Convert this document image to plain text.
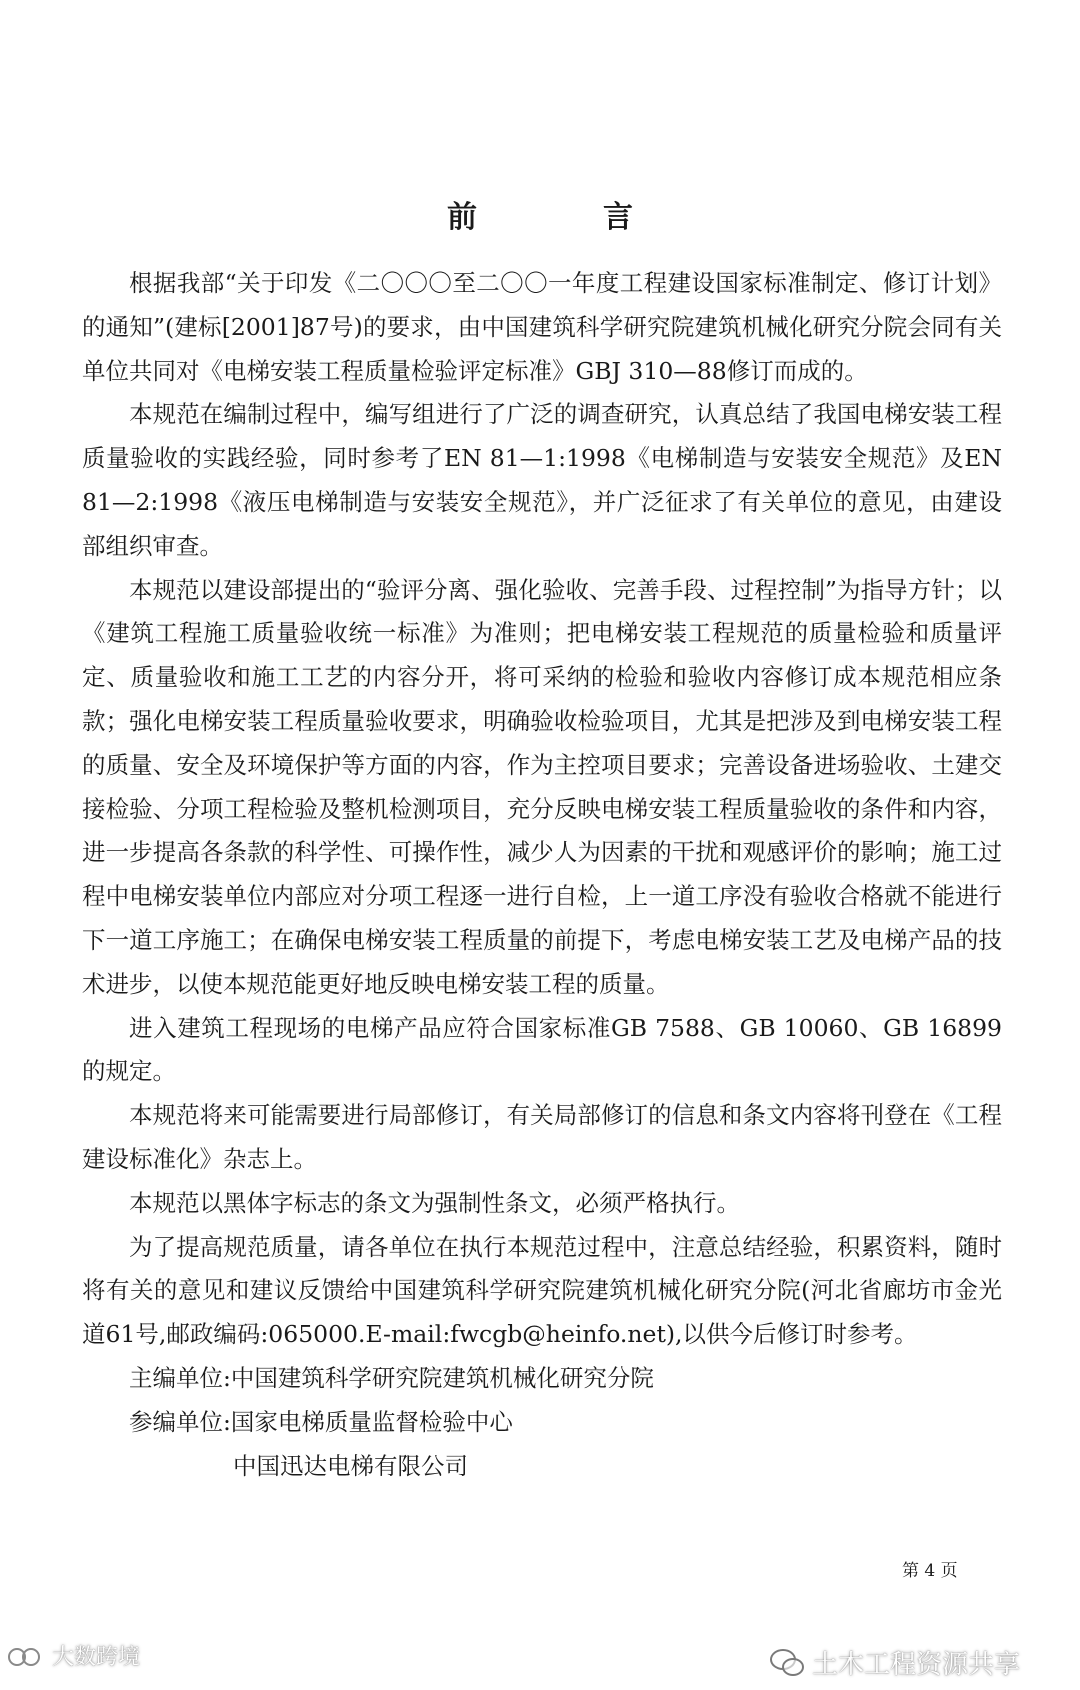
前　言

根据我部“关于印发《二〇〇〇至二〇〇一年度工程建设国家标准制定、修订计划》的通知”(建标[2001]87号)的要求，由中国建筑科学研究院建筑机械化研究分院会同有关单位共同对《电梯安装工程质量检验评定标准》GBJ 310—88修订而成的。

本规范在编制过程中，编写组进行了广泛的调查研究，认真总结了我国电梯安装工程质量验收的实践经验，同时参考了EN 81—1:1998《电梯制造与安装安全规范》及EN 81—2:1998《液压电梯制造与安装安全规范》，并广泛征求了有关单位的意见，由建设部组织审查。

本规范以建设部提出的“验评分离、强化验收、完善手段、过程控制”为指导方针；以《建筑工程施工质量验收统一标准》为准则；把电梯安装工程规范的质量检验和质量评定、质量验收和施工工艺的内容分开，将可采纳的检验和验收内容修订成本规范相应条款；强化电梯安装工程质量验收要求，明确验收检验项目，尤其是把涉及到电梯安装工程的质量、安全及环境保护等方面的内容，作为主控项目要求；完善设备进场验收、土建交接检验、分项工程检验及整机检测项目，充分反映电梯安装工程质量验收的条件和内容，进一步提高各条款的科学性、可操作性，减少人为因素的干扰和观感评价的影响；施工过程中电梯安装单位内部应对分项工程逐一进行自检，上一道工序没有验收合格就不能进行下一道工序施工；在确保电梯安装工程质量的前提下，考虑电梯安装工艺及电梯产品的技术进步，以使本规范能更好地反映电梯安装工程的质量。

进入建筑工程现场的电梯产品应符合国家标准GB 7588、GB 10060、GB 16899的规定。

本规范将来可能需要进行局部修订，有关局部修订的信息和条文内容将刊登在《工程建设标准化》杂志上。

本规范以黑体字标志的条文为强制性条文，必须严格执行。

为了提高规范质量，请各单位在执行本规范过程中，注意总结经验，积累资料，随时将有关的意见和建议反馈给中国建筑科学研究院建筑机械化研究分院(河北省廊坊市金光道61号,邮政编码:065000.E-mail:fwcgb@heinfo.net),以供今后修订时参考。

主编单位:中国建筑科学研究院建筑机械化研究分院

参编单位:国家电梯质量监督检验中心

中国迅达电梯有限公司

第 4 页
大数跨境	土木工程资源共享
